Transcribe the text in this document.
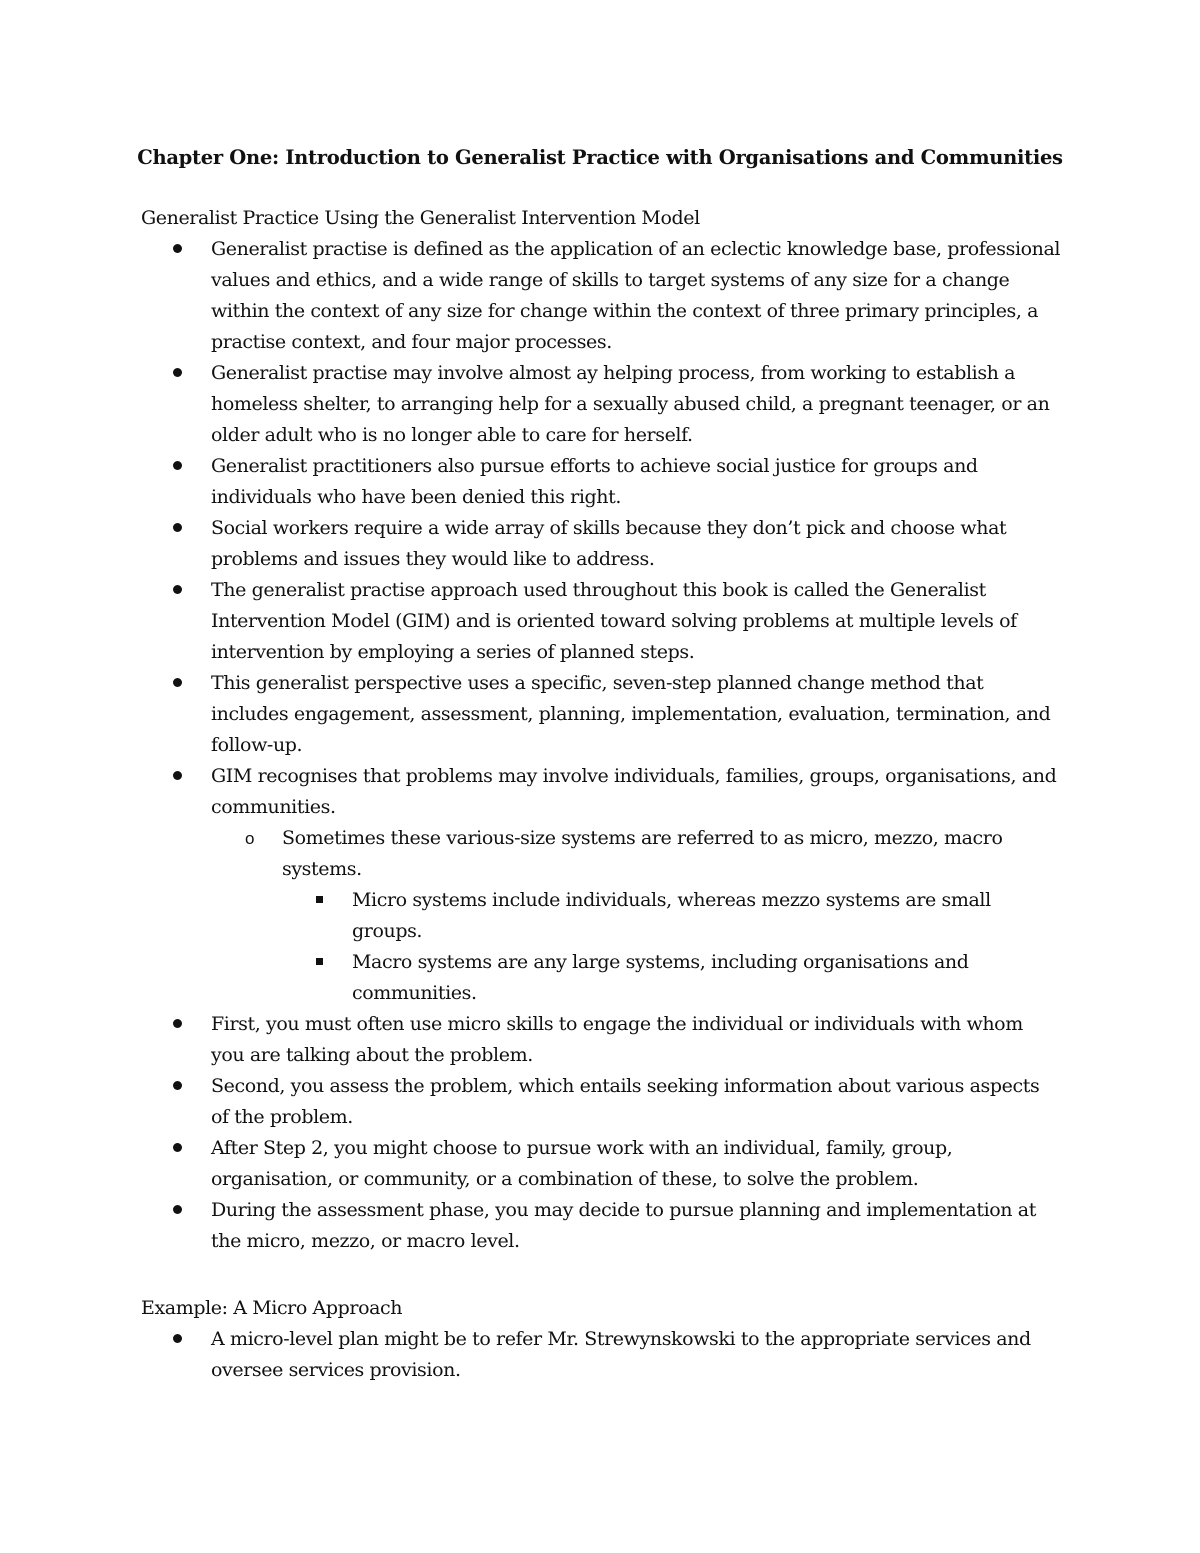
Chapter One: Introduction to Generalist Practice with Organisations and Communities

Generalist Practice Using the Generalist Intervention Model

Generalist practise is defined as the application of an eclectic knowledge base, professional values and ethics, and a wide range of skills to target systems of any size for a change within the context of any size for change within the context of three primary principles, a practise context, and four major processes.
Generalist practise may involve almost ay helping process, from working to establish a homeless shelter, to arranging help for a sexually abused child, a pregnant teenager, or an older adult who is no longer able to care for herself.
Generalist practitioners also pursue efforts to achieve social justice for groups and individuals who have been denied this right.
Social workers require a wide array of skills because they don’t pick and choose what problems and issues they would like to address.
The generalist practise approach used throughout this book is called the Generalist Intervention Model (GIM) and is oriented toward solving problems at multiple levels of intervention by employing a series of planned steps.
This generalist perspective uses a specific, seven-step planned change method that includes engagement, assessment, planning, implementation, evaluation, termination, and follow-up.
GIM recognises that problems may involve individuals, families, groups, organisations, and communities.
o Sometimes these various-size systems are referred to as micro, mezzo, macro systems.
Micro systems include individuals, whereas mezzo systems are small groups.
Macro systems are any large systems, including organisations and communities.
First, you must often use micro skills to engage the individual or individuals with whom you are talking about the problem.
Second, you assess the problem, which entails seeking information about various aspects of the problem.
After Step 2, you might choose to pursue work with an individual, family, group, organisation, or community, or a combination of these, to solve the problem.
During the assessment phase, you may decide to pursue planning and implementation at the micro, mezzo, or macro level.

Example: A Micro Approach

A micro-level plan might be to refer Mr. Strewynskowski to the appropriate services and oversee services provision.
